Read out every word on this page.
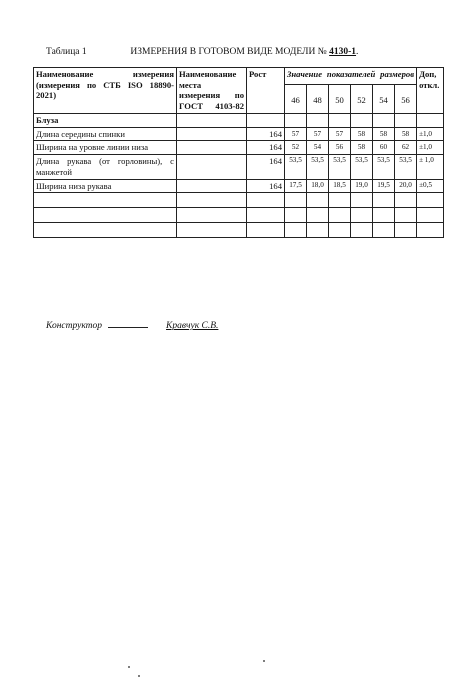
Таблица 1	ИЗМЕРЕНИЯ В ГОТОВОМ ВИДЕ МОДЕЛИ № 4130-1.
Наименование измерения (измерения по СТБ ISO 18890-2021)	Наименование места измерения по ГОСТ 4103-82	Рост	Значение показателей размеров						Доп, откл.
			46	48	50	52	54	56	
Блуза									
Длина середины спинки		164	57	57	57	58	58	58	±1,0
Ширина на уровне линии низа		164	52	54	56	58	60	62	±1,0
Длина рукава (от горловины), с манжетой		164	53,5	53,5	53,5	53,5	53,5	53,5	± 1,0
Ширина низа рукава		164	17,5	18,0	18,5	19,0	19,5	20,0	±0,5

Конструктор	Кравчук С.В.
